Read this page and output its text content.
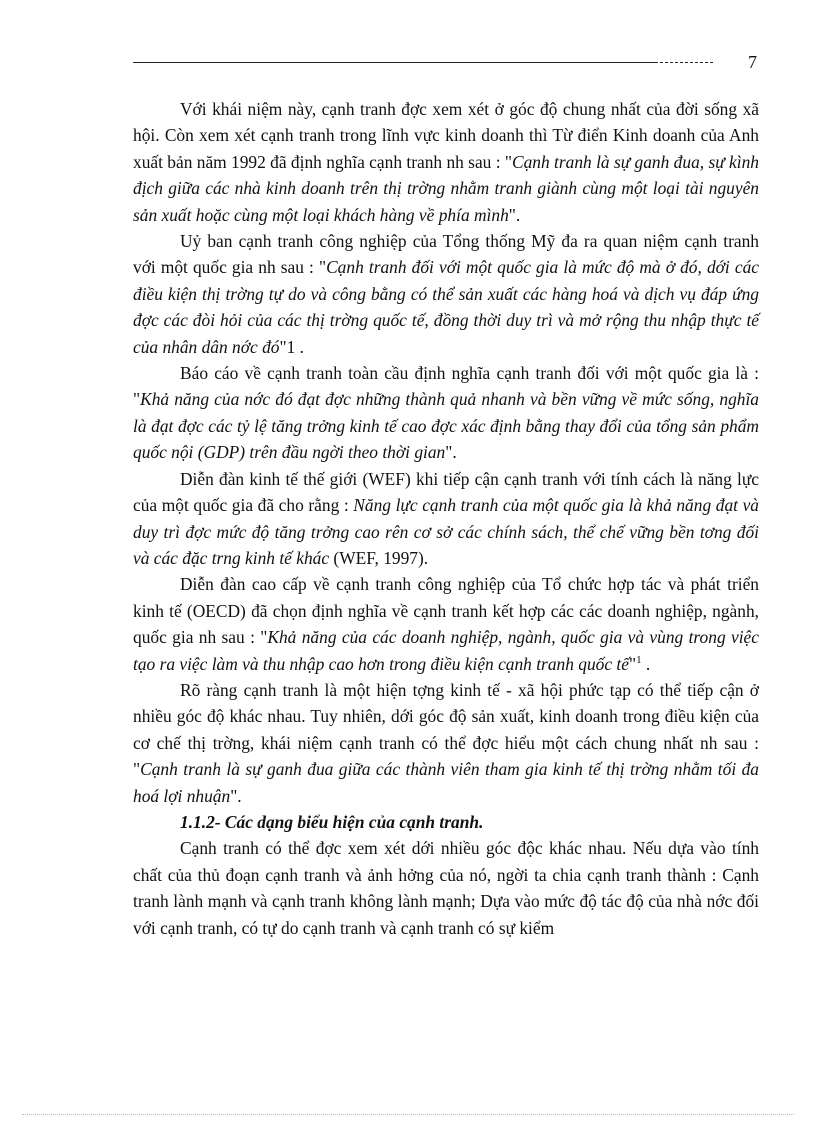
7

Với khái niệm này, cạnh tranh đợc xem xét ở góc độ chung nhất của đời sống xã hội. Còn xem xét cạnh tranh trong lĩnh vực kinh doanh thì Từ điển Kinh doanh của Anh xuất bản năm 1992 đã định nghĩa cạnh tranh nh sau : "Cạnh tranh là sự ganh đua, sự kình địch giữa các nhà kinh doanh trên thị trờng nhằm tranh giành cùng một loại tài nguyên sản xuất hoặc cùng một loại khách hàng về phía mình".

Uỷ ban cạnh tranh công nghiệp của Tổng thống Mỹ đa ra quan niệm cạnh tranh với một quốc gia nh sau : "Cạnh tranh đối với một quốc gia là mức độ mà ở đó, dới các điều kiện thị trờng tự do và công bằng có thể sản xuất các hàng hoá và dịch vụ đáp ứng đợc các đòi hỏi của các thị trờng quốc tế, đồng thời duy trì và mở rộng thu nhập thực tế của nhân dân nớc đó"1 .

Báo cáo về cạnh tranh toàn cầu định nghĩa cạnh tranh đối với một quốc gia là : "Khả năng của nớc đó đạt đợc những thành quả nhanh và bền vững về mức sống, nghĩa là đạt đợc các tỷ lệ tăng trởng kinh tế cao đợc xác định bằng thay đổi của tổng sản phẩm quốc nội (GDP) trên đầu ngời theo thời gian".

Diễn đàn kinh tế thế giới (WEF) khi tiếp cận cạnh tranh với tính cách là năng lực của một quốc gia đã cho rằng : Năng lực cạnh tranh của một quốc gia là khả năng đạt và duy trì đợc mức độ tăng trởng cao rên cơ sở các chính sách, thể chế vững bền tơng đối và các đặc trng kinh tế khác (WEF, 1997).

Diễn đàn cao cấp về cạnh tranh công nghiệp của Tổ chức hợp tác và phát triển kinh tế (OECD) đã chọn định nghĩa về cạnh tranh kết hợp các các doanh nghiệp, ngành, quốc gia nh sau : "Khả năng của các doanh nghiệp, ngành, quốc gia và vùng trong việc tạo ra việc làm và thu nhập cao hơn trong điều kiện cạnh tranh quốc tế"$^1$ .

Rõ ràng cạnh tranh là một hiện tợng kinh tế - xã hội phức tạp có thể tiếp cận ở nhiều góc độ khác nhau. Tuy nhiên, dới góc độ sản xuất, kinh doanh trong điều kiện của cơ chế thị trờng, khái niệm cạnh tranh có thể đợc hiểu một cách chung nhất nh sau : "Cạnh tranh là sự ganh đua giữa các thành viên tham gia kinh tế thị trờng nhằm tối đa hoá lợi nhuận".

1.1.2- Các dạng biểu hiện của cạnh tranh.

Cạnh tranh có thể đợc xem xét dới nhiều góc độc khác nhau. Nếu dựa vào tính chất của thủ đoạn cạnh tranh và ảnh hởng của nó, ngời ta chia cạnh tranh thành : Cạnh tranh lành mạnh và cạnh tranh không lành mạnh; Dựa vào mức độ tác độ của nhà nớc đối với cạnh tranh, có tự do cạnh tranh và cạnh tranh có sự kiểm
